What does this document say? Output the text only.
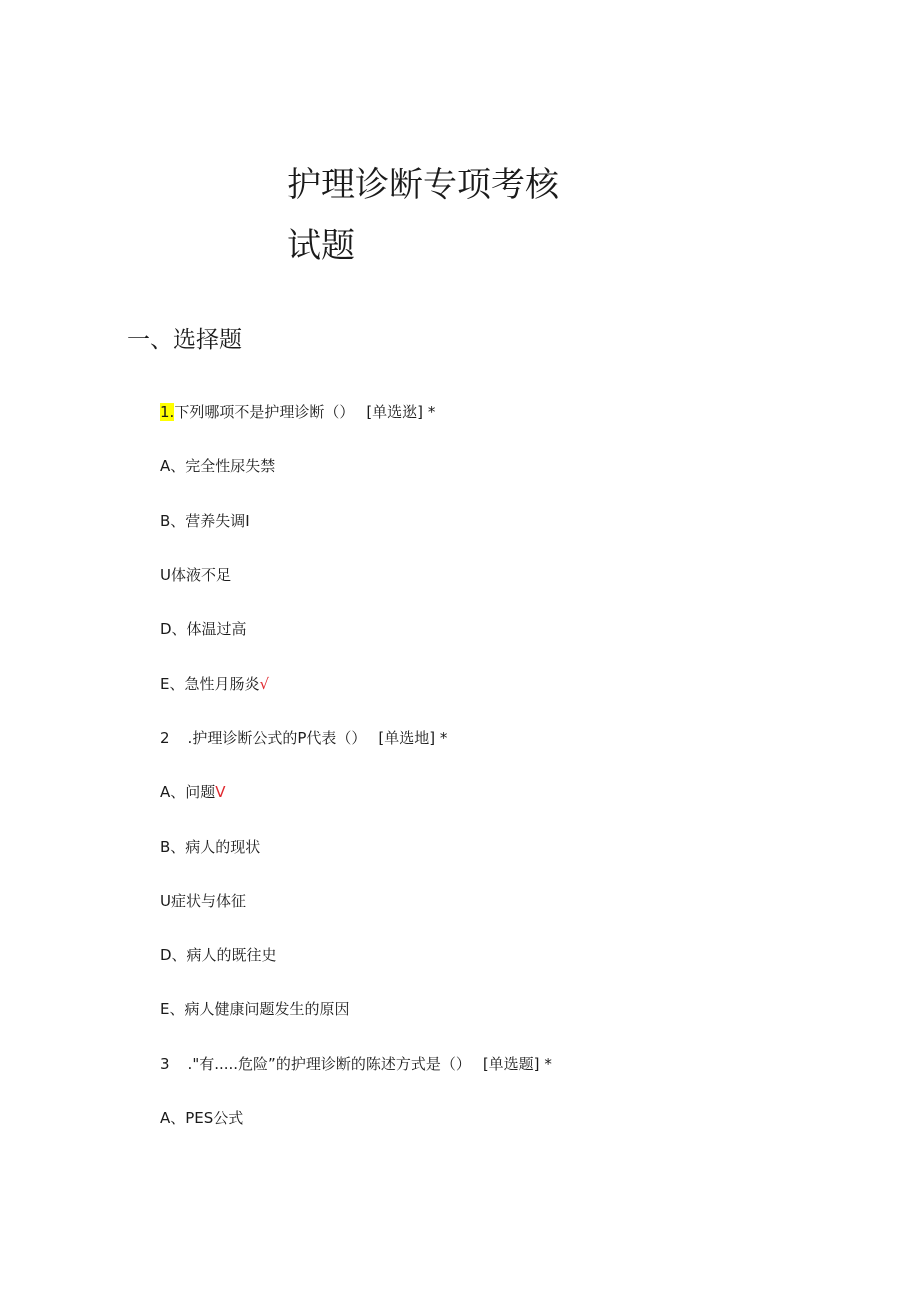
护理诊断专项考核
试题
一、选择题
1.下列哪项不是护理诊断（） [单选逖] *
A、完全性尿失禁
B、营养失调I
U体液不足
D、体温过高
E、急性月肠炎√
2 .护理诊断公式的P代表（） [单选地] *
A、问题V
B、病人的现状
U症状与体征
D、病人的既往史
E、病人健康问题发生的原因
3 ."有.....危险”的护理诊断的陈述方式是（） [单选题] *
A、PES公式
